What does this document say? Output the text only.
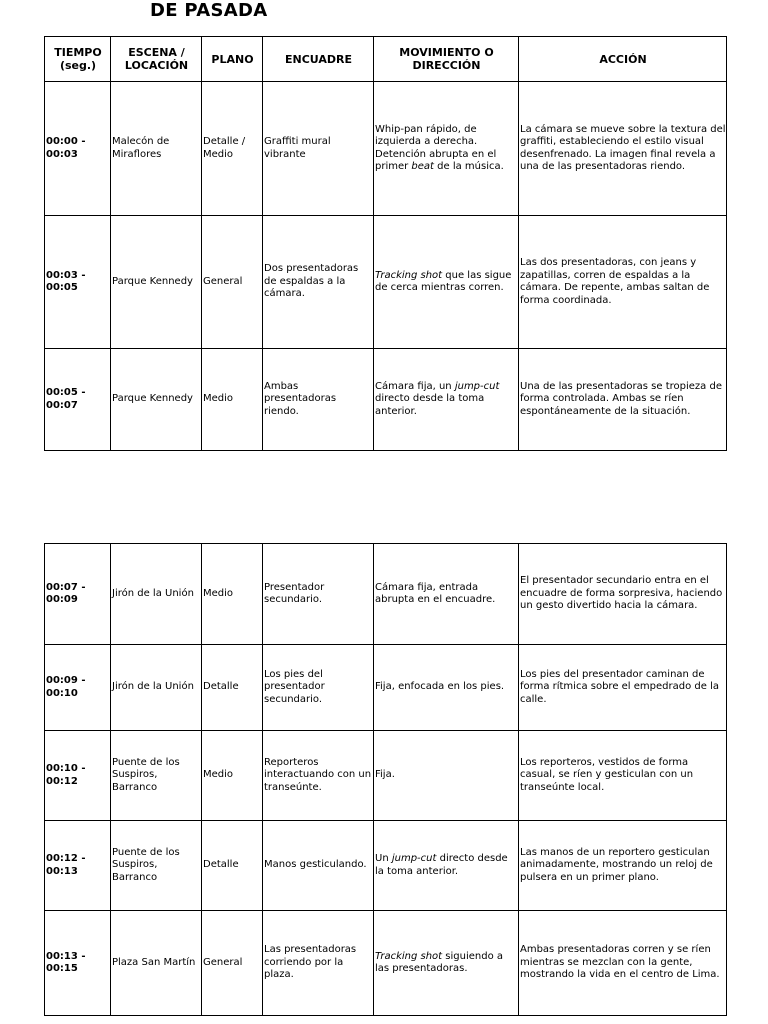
DE PASADA
TIEMPO (seg.)	ESCENA / LOCACIÓN	PLANO	ENCUADRE	MOVIMIENTO O DIRECCIÓN	ACCIÓN
00:00 - 00:03	Malecón de Miraflores	Detalle / Medio	Graffiti mural vibrante	Whip-pan rápido, de izquierda a derecha. Detención abrupta en el primer beat de la música.	La cámara se mueve sobre la textura del graffiti, estableciendo el estilo visual desenfrenado. La imagen final revela a una de las presentadoras riendo.
00:03 - 00:05	Parque Kennedy	General	Dos presentadoras de espaldas a la cámara.	Tracking shot que las sigue de cerca mientras corren.	Las dos presentadoras, con jeans y zapatillas, corren de espaldas a la cámara. De repente, ambas saltan de forma coordinada.
00:05 - 00:07	Parque Kennedy	Medio	Ambas presentadoras riendo.	Cámara fija, un jump-cut directo desde la toma anterior.	Una de las presentadoras se tropieza de forma controlada. Ambas se ríen espontáneamente de la situación.
00:07 - 00:09	Jirón de la Unión	Medio	Presentador secundario.	Cámara fija, entrada abrupta en el encuadre.	El presentador secundario entra en el encuadre de forma sorpresiva, haciendo un gesto divertido hacia la cámara.
00:09 - 00:10	Jirón de la Unión	Detalle	Los pies del presentador secundario.	Fija, enfocada en los pies.	Los pies del presentador caminan de forma rítmica sobre el empedrado de la calle.
00:10 - 00:12	Puente de los Suspiros, Barranco	Medio	Reporteros interactuando con un transeúnte.	Fija.	Los reporteros, vestidos de forma casual, se ríen y gesticulan con un transeúnte local.
00:12 - 00:13	Puente de los Suspiros, Barranco	Detalle	Manos gesticulando.	Un jump-cut directo desde la toma anterior.	Las manos de un reportero gesticulan animadamente, mostrando un reloj de pulsera en un primer plano.
00:13 - 00:15	Plaza San Martín	General	Las presentadoras corriendo por la plaza.	Tracking shot siguiendo a las presentadoras.	Ambas presentadoras corren y se ríen mientras se mezclan con la gente, mostrando la vida en el centro de Lima.
